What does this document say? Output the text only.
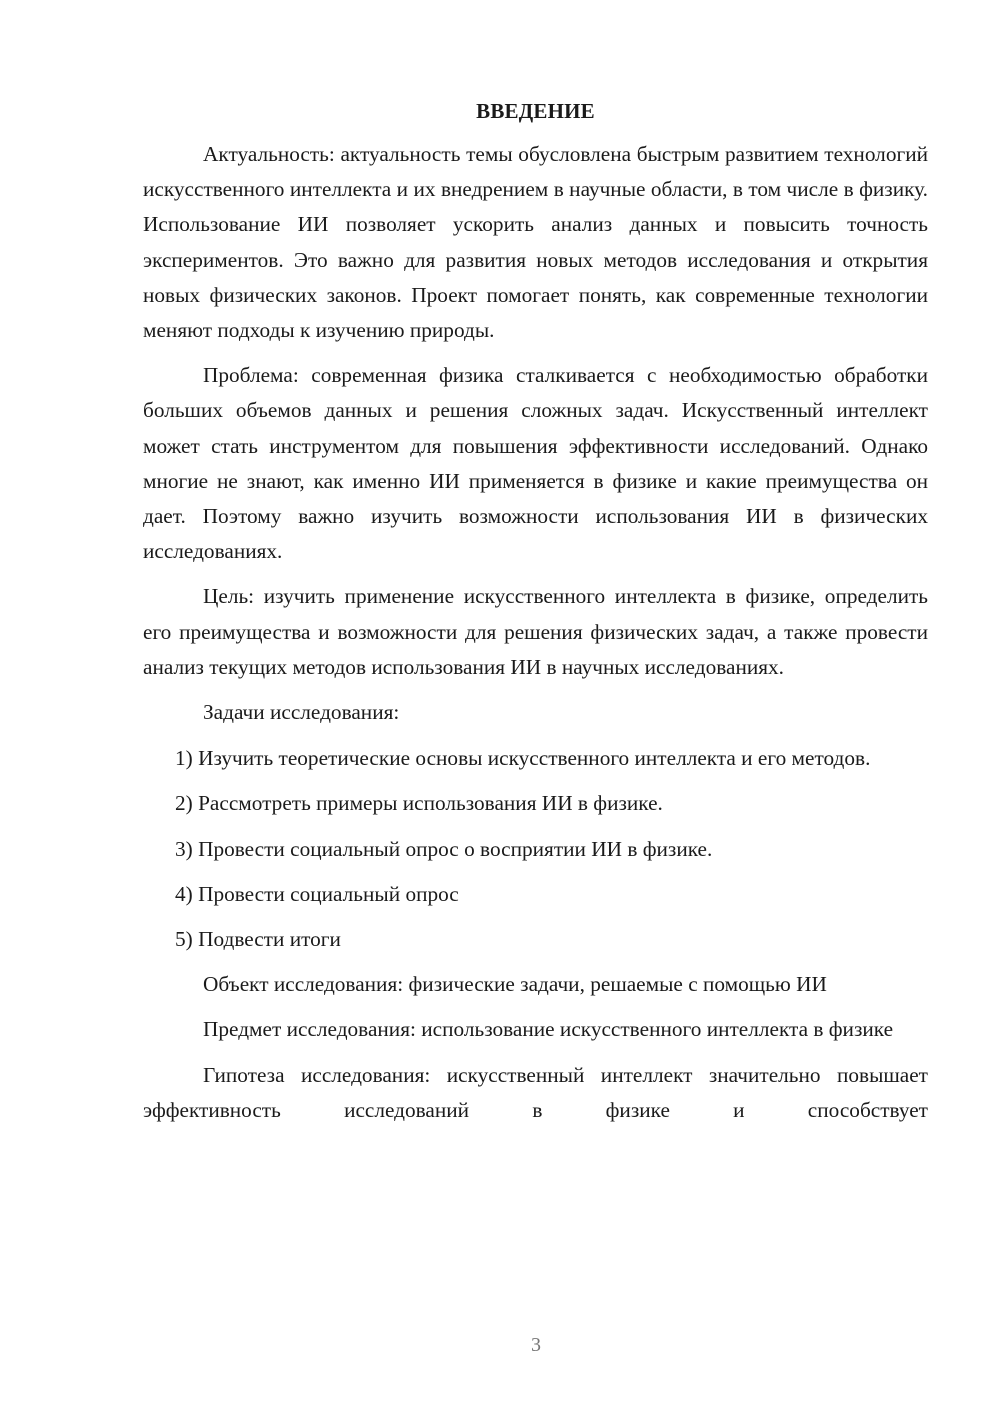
ВВЕДЕНИЕ

Актуальность: актуальность темы обусловлена быстрым развитием технологий искусственного интеллекта и их внедрением в научные области, в том числе в физику. Использование ИИ позволяет ускорить анализ данных и повысить точность экспериментов. Это важно для развития новых методов исследования и открытия новых физических законов. Проект помогает понять, как современные технологии меняют подходы к изучению природы.

Проблема: современная физика сталкивается с необходимостью обработки больших объемов данных и решения сложных задач. Искусственный интеллект может стать инструментом для повышения эффективности исследований. Однако многие не знают, как именно ИИ применяется в физике и какие преимущества он дает. Поэтому важно изучить возможности использования ИИ в физических исследованиях.

Цель: изучить применение искусственного интеллекта в физике, определить его преимущества и возможности для решения физических задач, а также провести анализ текущих методов использования ИИ в научных исследованиях.

Задачи исследования:

1) Изучить теоретические основы искусственного интеллекта и его методов.

2) Рассмотреть примеры использования ИИ в физике.

3) Провести социальный опрос о восприятии ИИ в физике.

4) Провести социальный опрос

5) Подвести итоги

Объект исследования: физические задачи, решаемые с помощью ИИ

Предмет исследования: использование искусственного интеллекта в физике

Гипотеза исследования: искусственный интеллект значительно повышает эффективность исследований в физике и способствует

3
